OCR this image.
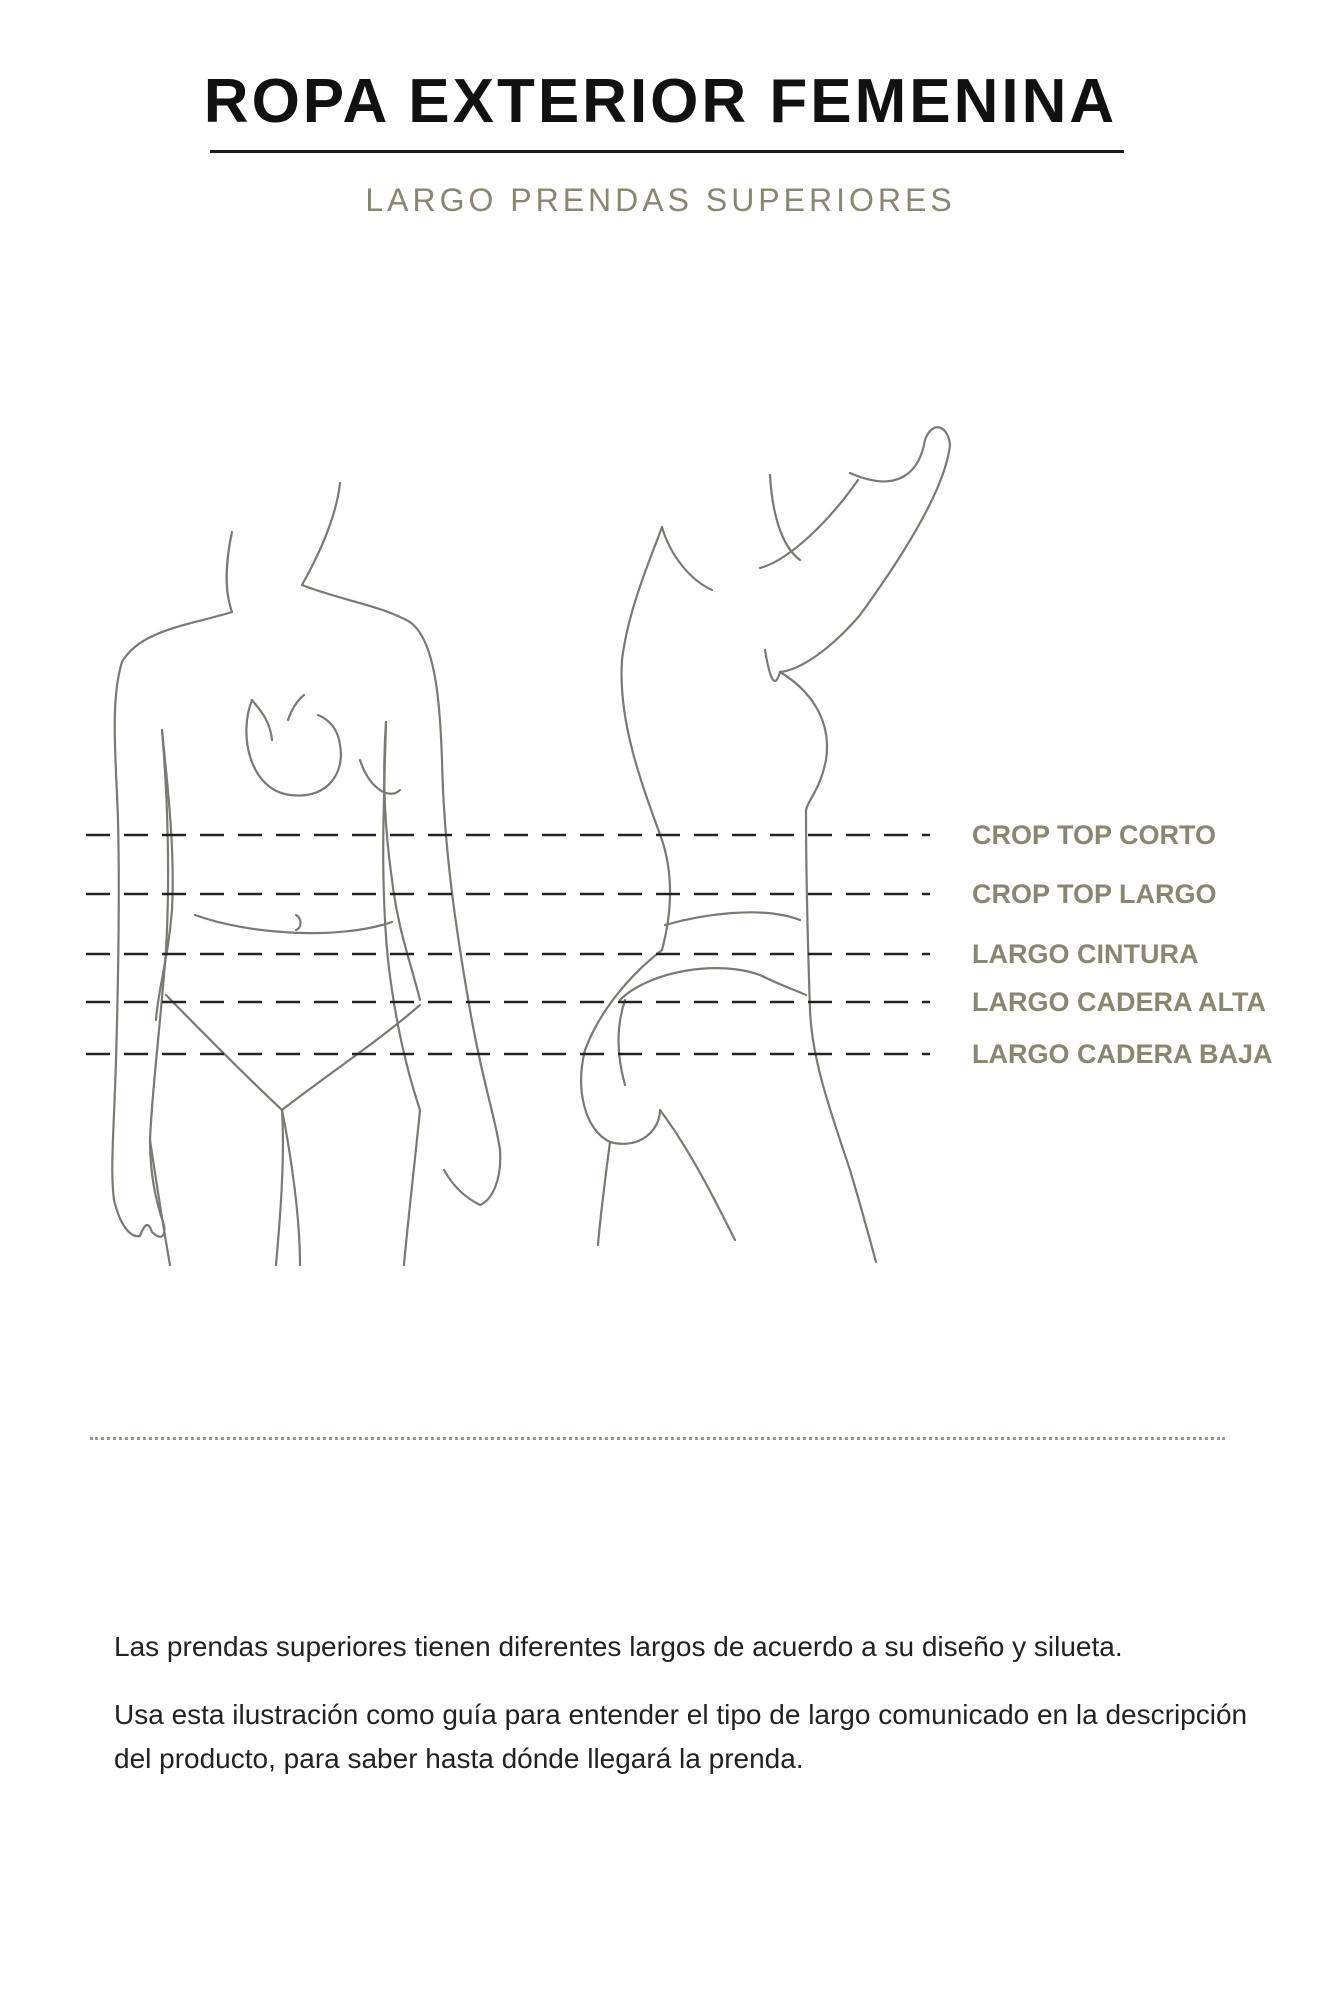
ROPA EXTERIOR FEMENINA
LARGO PRENDAS SUPERIORES
CROP TOP CORTO
CROP TOP LARGO
LARGO CINTURA
LARGO CADERA ALTA
LARGO CADERA BAJA

Las prendas superiores tienen diferentes largos de acuerdo a su diseño y silueta.

Usa esta ilustración como guía para entender el tipo de largo comunicado en la descripción del producto, para saber hasta dónde llegará la prenda.
